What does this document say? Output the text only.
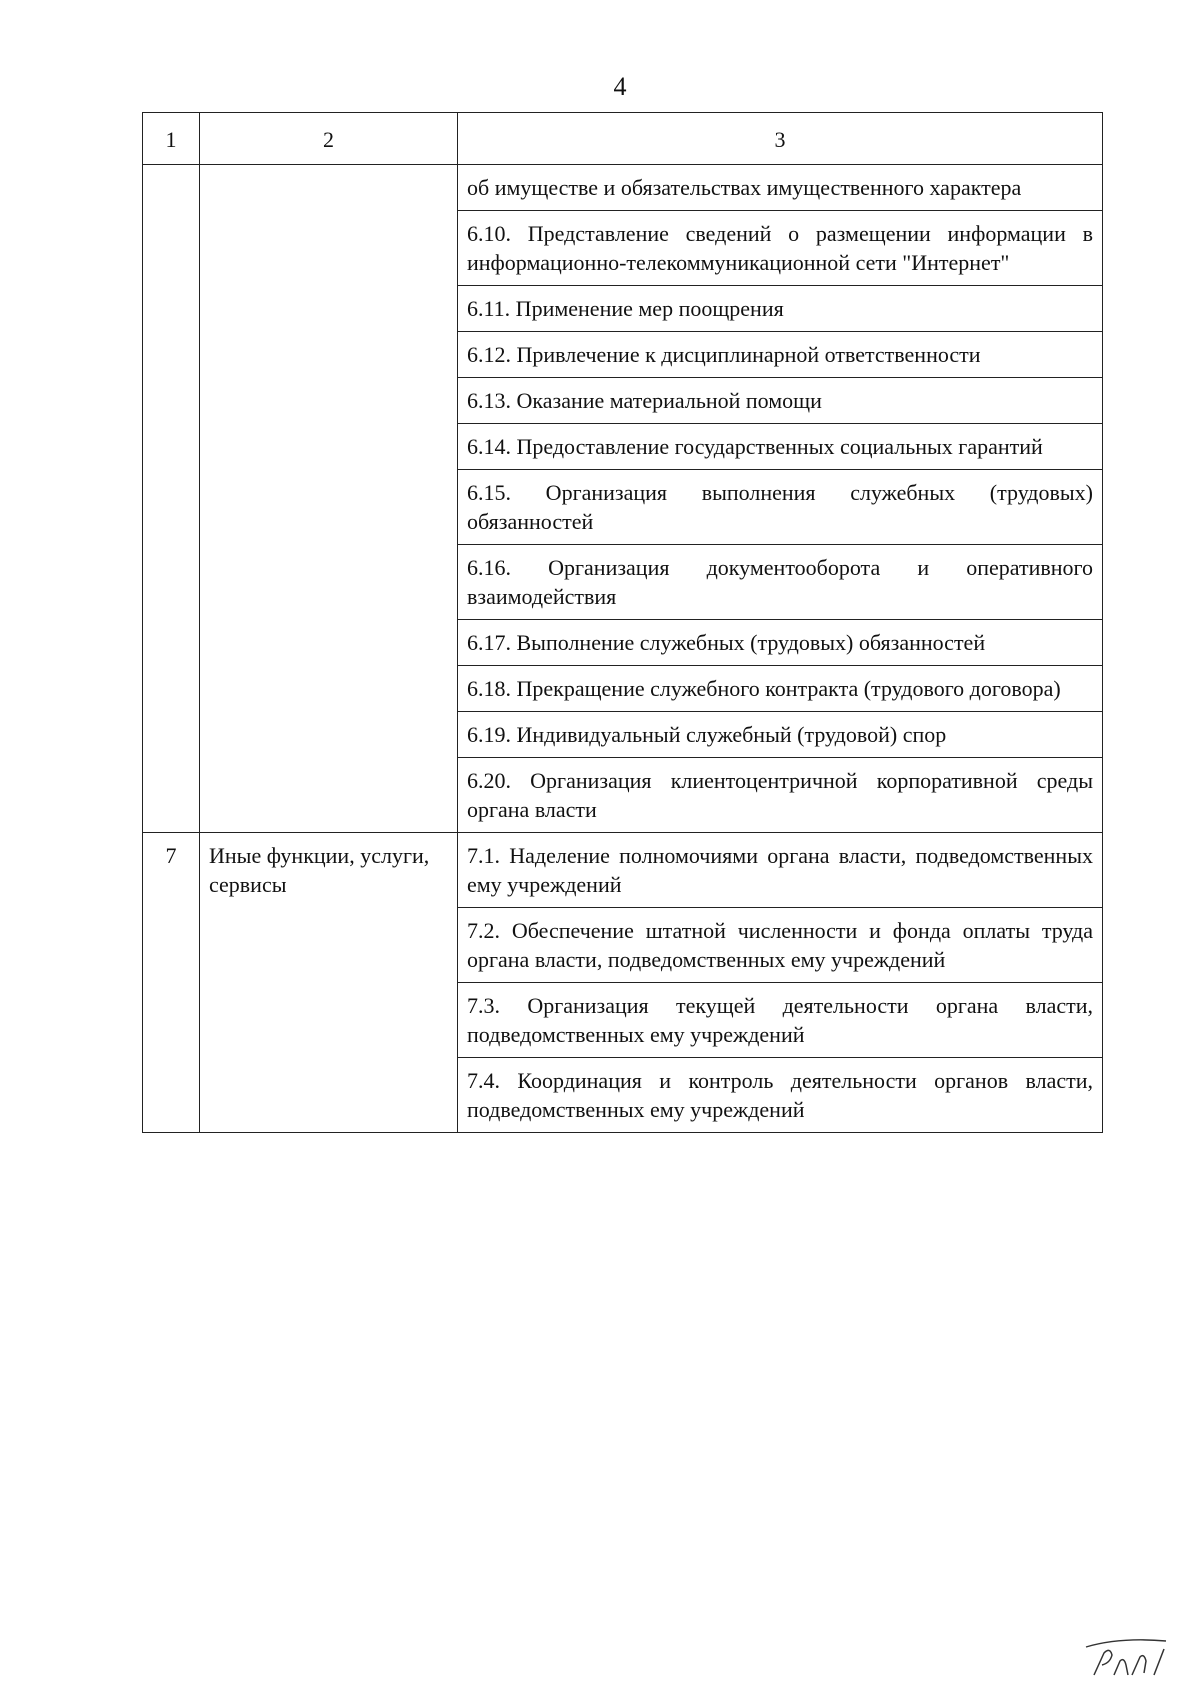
4
1	2	3
		об имуществе и обязательствах имущественного характера
		6.10. Представление сведений о размещении информации в информационно-телекоммуникационной сети "Интернет"
		6.11. Применение мер поощрения
		6.12. Привлечение к дисциплинарной ответственности
		6.13. Оказание материальной помощи
		6.14. Предоставление государственных социальных гарантий
		6.15. Организация выполнения служебных (трудовых) обязанностей
		6.16. Организация документооборота и оперативного взаимодействия
		6.17. Выполнение служебных (трудовых) обязанностей
		6.18. Прекращение служебного контракта (трудового договора)
		6.19. Индивидуальный служебный (трудовой) спор
		6.20. Организация клиентоцентричной корпоративной среды органа власти
7	Иные функции, услуги, сервисы	7.1. Наделение полномочиями органа власти, подведомственных ему учреждений
		7.2. Обеспечение штатной численности и фонда оплаты труда органа власти, подведомственных ему учреждений
		7.3. Организация текущей деятельности органа власти, подведомственных ему учреждений
		7.4. Координация и контроль деятельности органов власти, подведомственных ему учреждений
